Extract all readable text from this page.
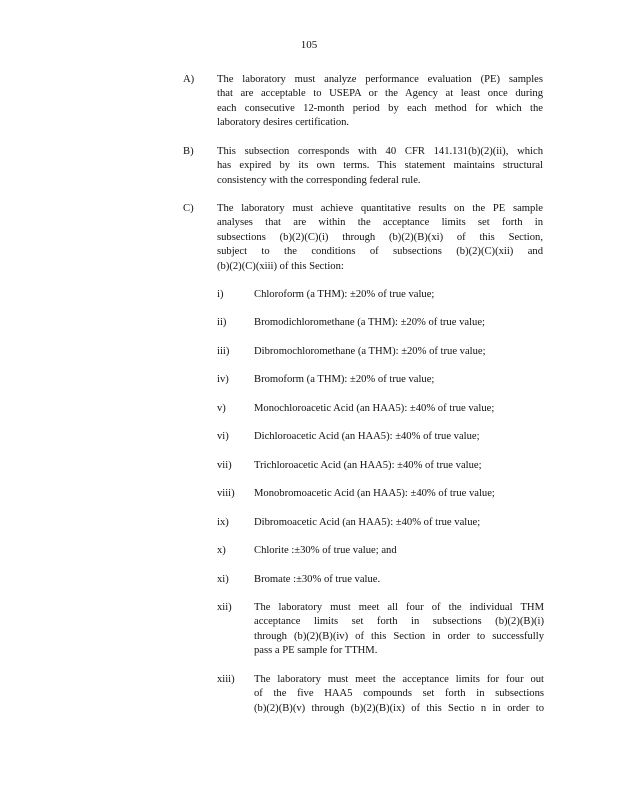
105
A) The laboratory must analyze performance evaluation (PE) samples
that are acceptable to USEPA or the Agency at least once during
each consecutive 12-month period by each method for which the
laboratory desires certification.
B) This subsection corresponds with 40 CFR 141.131(b)(2)(ii), which
has expired by its own terms. This statement maintains structural
consistency with the corresponding federal rule.
C) The laboratory must achieve quantitative results on the PE sample
analyses that are within the acceptance limits set forth in
subsections (b)(2)(C)(i) through (b)(2)(B)(xi) of this Section,
subject to the conditions of subsections (b)(2)(C)(xii) and
(b)(2)(C)(xiii) of this Section:
i)	Chloroform (a THM): ±20% of true value;
ii)	Bromodichloromethane (a THM): ±20% of true value;
iii) Dibromochloromethane (a THM): ±20% of true value;
iv) Bromoform (a THM): ±20% of true value;
v)	Monochloroacetic Acid (an HAA5): ±40% of true value;
vi) Dichloroacetic Acid (an HAA5): ±40% of true value;
vii) Trichloroacetic Acid (an HAA5): ±40% of true value;
viii) Monobromoacetic Acid (an HAA5): ±40% of true value;
ix) Dibromoacetic Acid (an HAA5): ±40% of true value;
x)	Chlorite :±30% of true value; and
xi) Bromate :±30% of true value.
xii) The laboratory must meet all four of the individual THM
acceptance limits set forth in subsections (b)(2)(B)(i)
through (b)(2)(B)(iv) of this Section in order to successfully
pass a PE sample for TTHM.
xiii) The laboratory must meet the acceptance limits for four out
of the five HAA5 compounds set forth in subsections
(b)(2)(B)(v) through (b)(2)(B)(ix) of this Sectio n in order to
